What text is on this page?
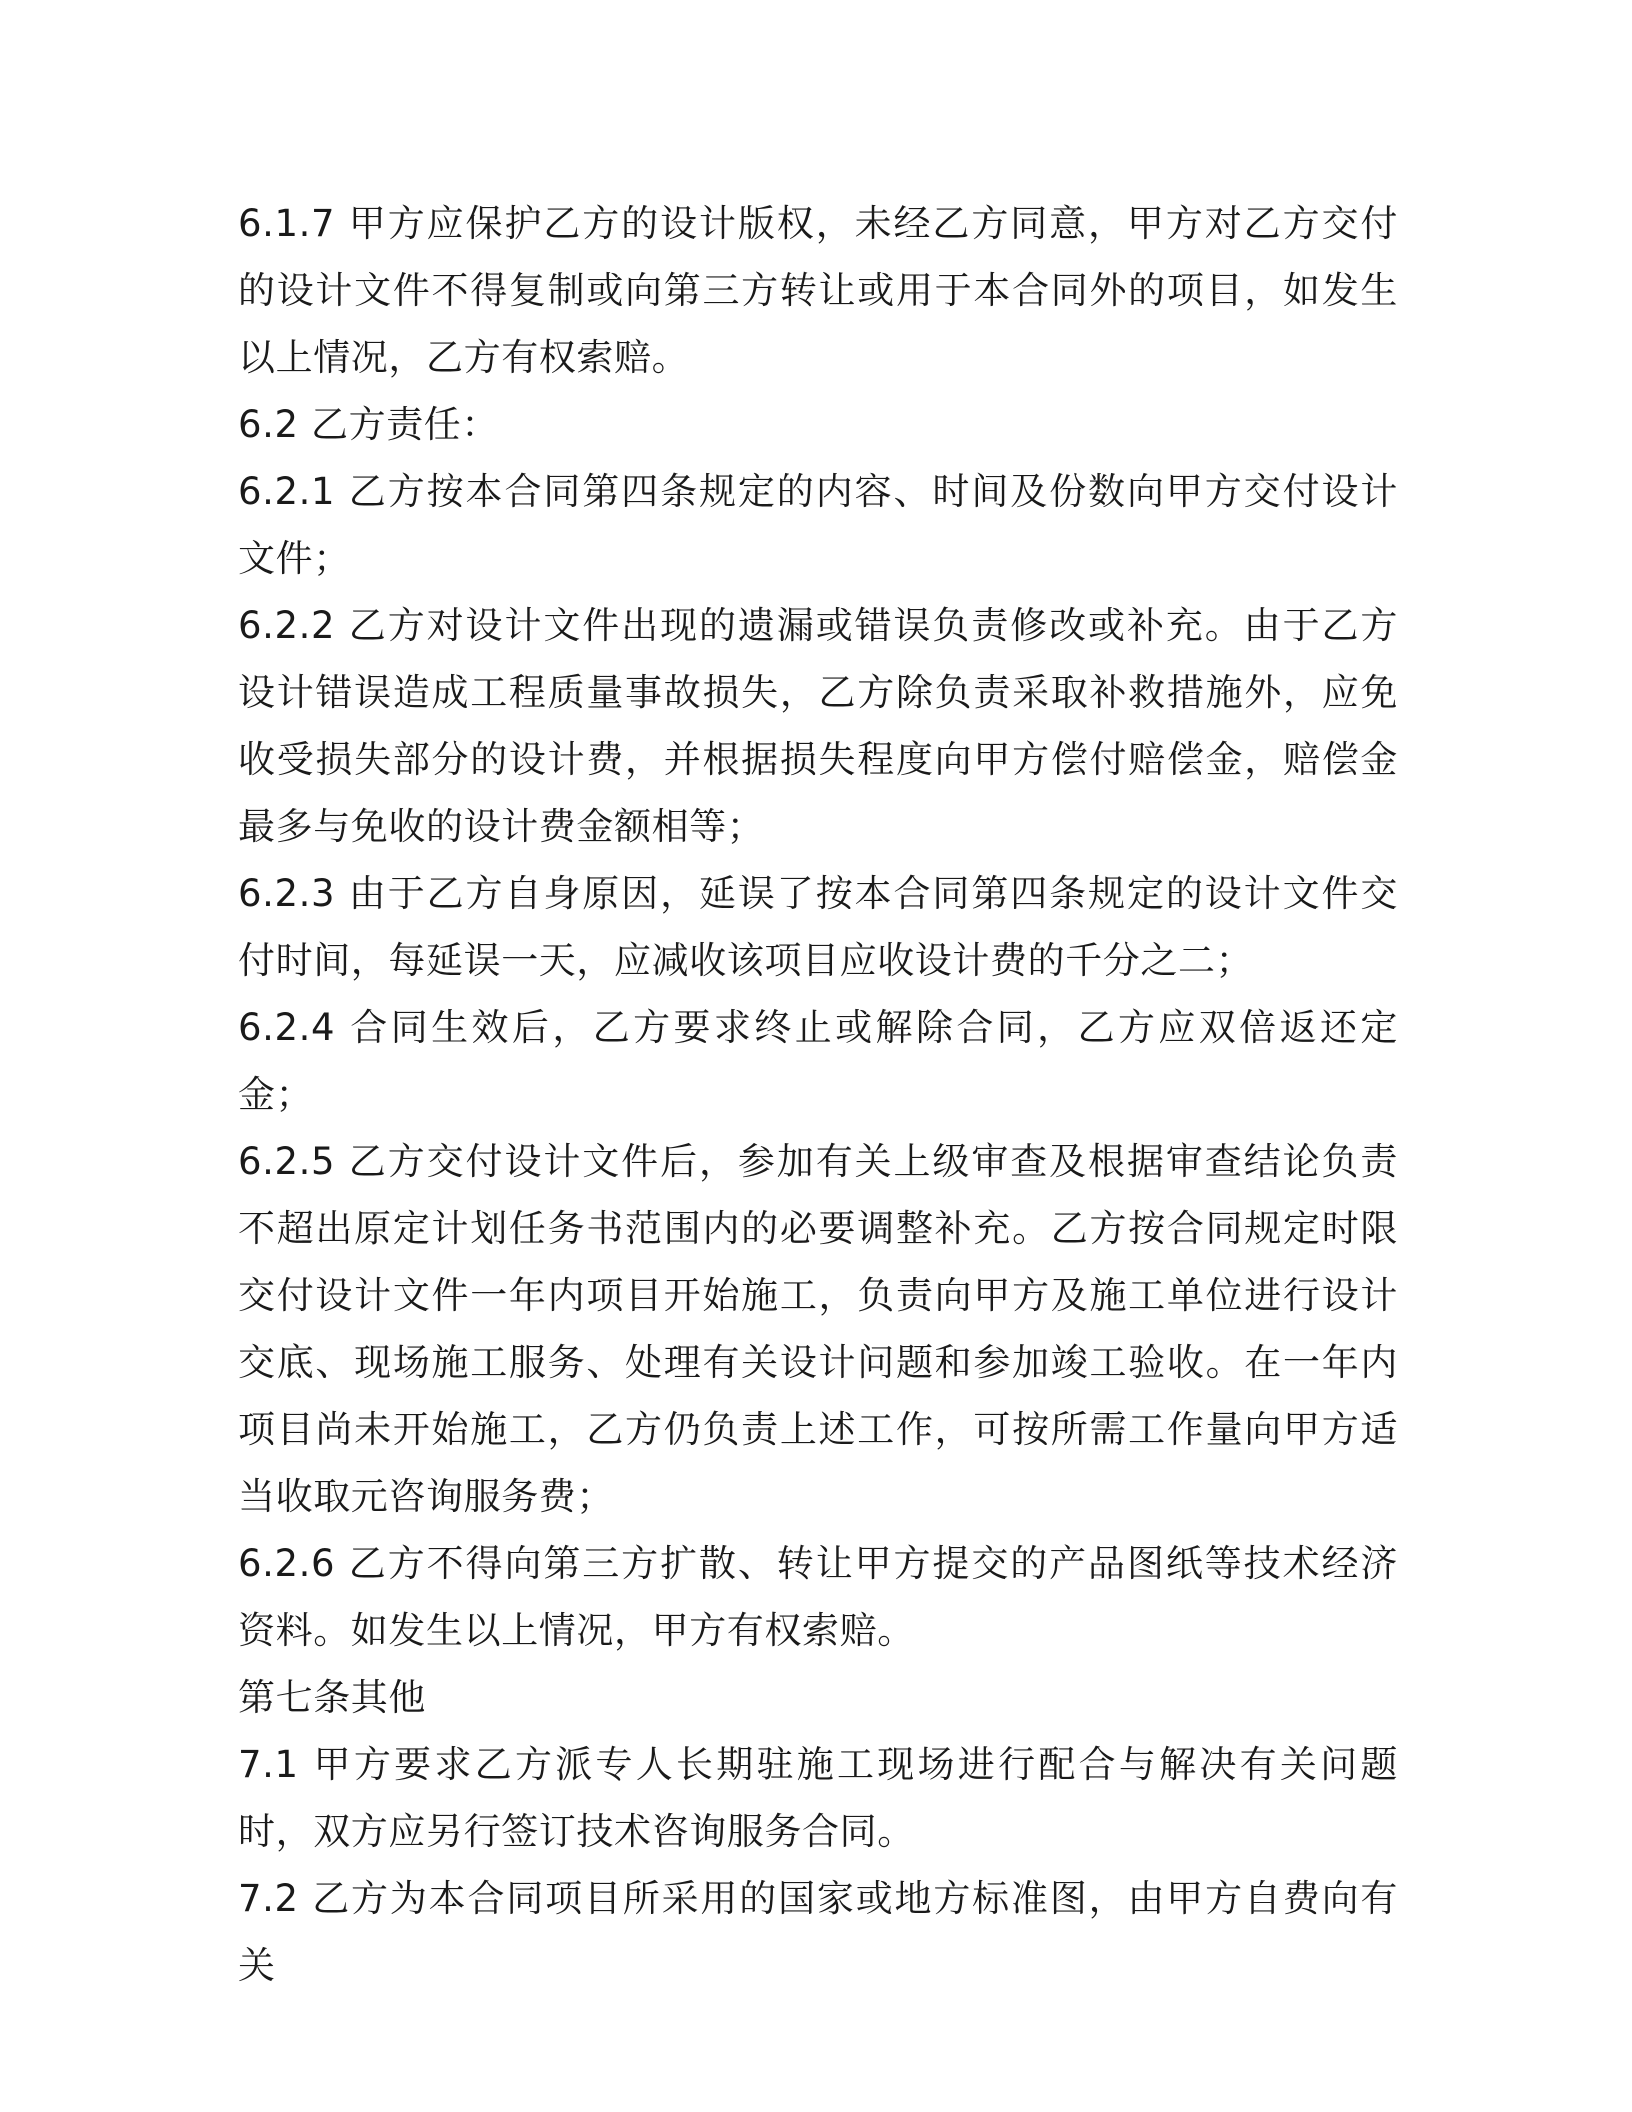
6.1.7 甲方应保护乙方的设计版权，未经乙方同意，甲方对乙方交付的设计文件不得复制或向第三方转让或用于本合同外的项目，如发生以上情况，乙方有权索赔。

6.2 乙方责任：

6.2.1 乙方按本合同第四条规定的内容、时间及份数向甲方交付设计文件；

6.2.2 乙方对设计文件出现的遗漏或错误负责修改或补充。由于乙方设计错误造成工程质量事故损失，乙方除负责采取补救措施外，应免收受损失部分的设计费，并根据损失程度向甲方偿付赔偿金，赔偿金最多与免收的设计费金额相等；

6.2.3 由于乙方自身原因，延误了按本合同第四条规定的设计文件交付时间，每延误一天，应减收该项目应收设计费的千分之二；

6.2.4 合同生效后，乙方要求终止或解除合同，乙方应双倍返还定金；

6.2.5 乙方交付设计文件后，参加有关上级审查及根据审查结论负责不超出原定计划任务书范围内的必要调整补充。乙方按合同规定时限交付设计文件一年内项目开始施工，负责向甲方及施工单位进行设计交底、现场施工服务、处理有关设计问题和参加竣工验收。在一年内项目尚未开始施工，乙方仍负责上述工作，可按所需工作量向甲方适当收取元咨询服务费；

6.2.6 乙方不得向第三方扩散、转让甲方提交的产品图纸等技术经济资料。如发生以上情况，甲方有权索赔。

第七条其他

7.1 甲方要求乙方派专人长期驻施工现场进行配合与解决有关问题时，双方应另行签订技术咨询服务合同。

7.2 乙方为本合同项目所采用的国家或地方标准图，由甲方自费向有关
